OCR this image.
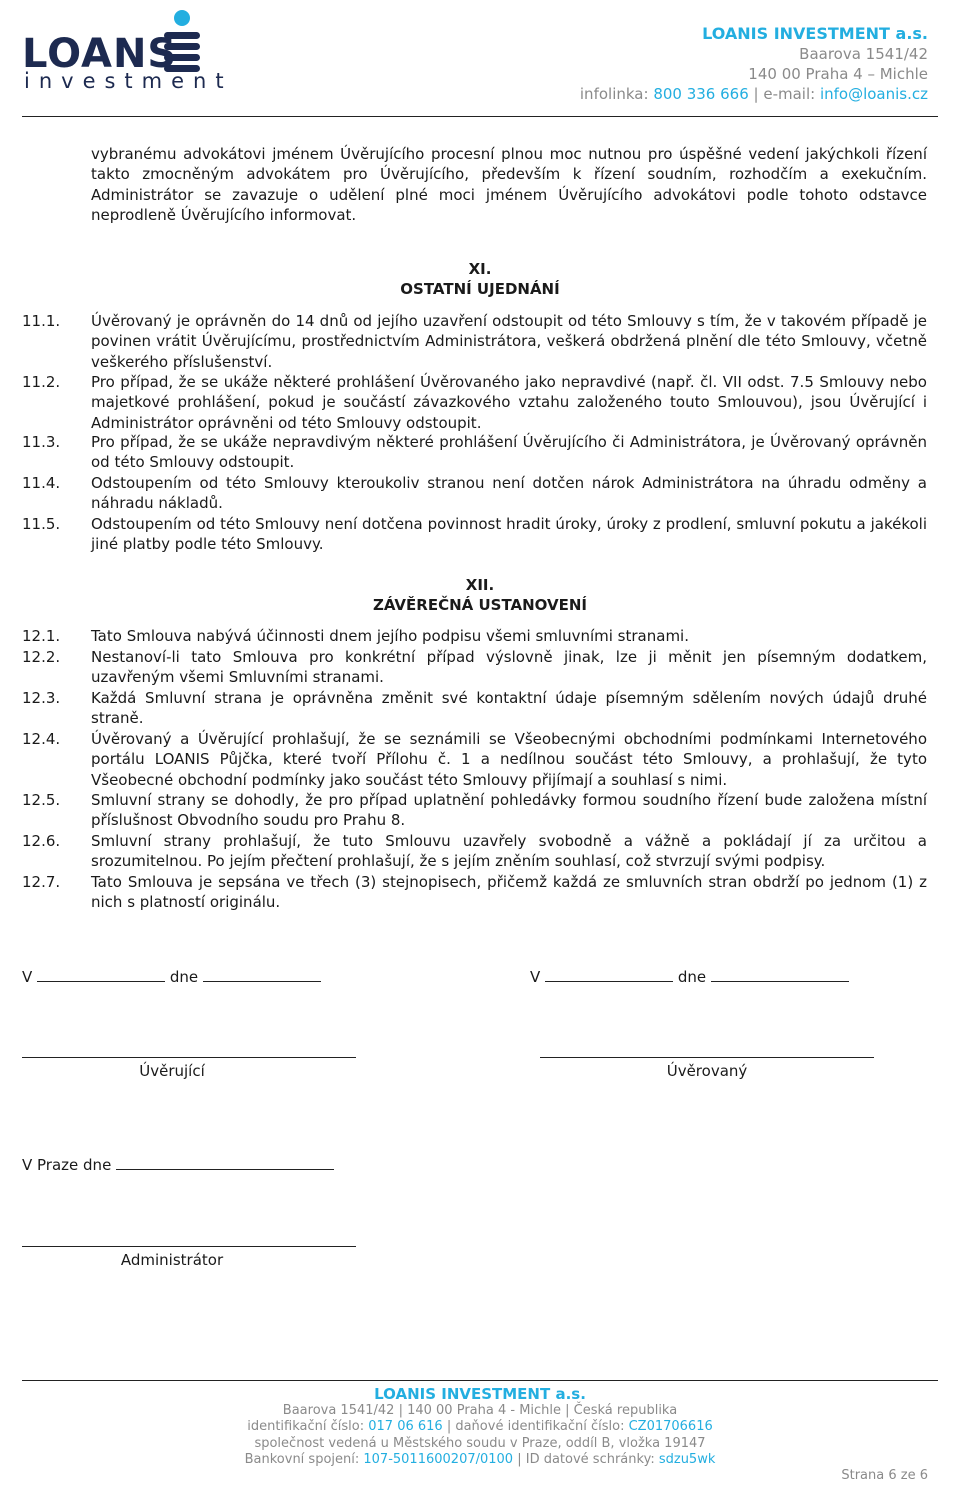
LOANS
investment
LOANIS INVESTMENT a.s.
Baarova 1541/42
140 00 Praha 4 – Michle
infolinka: 800 336 666 | e-mail: info@loanis.cz
vybranému advokátovi jménem Úvěrujícího procesní plnou moc nutnou pro úspěšné vedení jakýchkoli řízení takto zmocněným advokátem pro Úvěrujícího, především k řízení soudním, rozhodčím a exekučním. Administrátor se zavazuje o udělení plné moci jménem Úvěrujícího advokátovi podle tohoto odstavce neprodleně Úvěrujícího informovat.
XI.
OSTATNÍ UJEDNÁNÍ
11.1. Úvěrovaný je oprávněn do 14 dnů od jejího uzavření odstoupit od této Smlouvy s tím, že v takovém případě je povinen vrátit Úvěrujícímu, prostřednictvím Administrátora, veškerá obdržená plnění dle této Smlouvy, včetně veškerého příslušenství.
11.2. Pro případ, že se ukáže některé prohlášení Úvěrovaného jako nepravdivé (např. čl. VII odst. 7.5 Smlouvy nebo majetkové prohlášení, pokud je součástí závazkového vztahu založeného touto Smlouvou), jsou Úvěrující i Administrátor oprávněni od této Smlouvy odstoupit.
11.3. Pro případ, že se ukáže nepravdivým některé prohlášení Úvěrujícího či Administrátora, je Úvěrovaný oprávněn od této Smlouvy odstoupit.
11.4. Odstoupením od této Smlouvy kteroukoliv stranou není dotčen nárok Administrátora na úhradu odměny a náhradu nákladů.
11.5. Odstoupením od této Smlouvy není dotčena povinnost hradit úroky, úroky z prodlení, smluvní pokutu a jakékoli jiné platby podle této Smlouvy.
XII.
ZÁVĚREČNÁ USTANOVENÍ
12.1. Tato Smlouva nabývá účinnosti dnem jejího podpisu všemi smluvními stranami.
12.2. Nestanoví-li tato Smlouva pro konkrétní případ výslovně jinak, lze ji měnit jen písemným dodatkem, uzavřeným všemi Smluvními stranami.
12.3. Každá Smluvní strana je oprávněna změnit své kontaktní údaje písemným sdělením nových údajů druhé straně.
12.4. Úvěrovaný a Úvěrující prohlašují, že se seznámili se Všeobecnými obchodními podmínkami Internetového portálu LOANIS Půjčka, které tvoří Přílohu č. 1 a nedílnou součást této Smlouvy, a prohlašují, že tyto Všeobecné obchodní podmínky jako součást této Smlouvy přijímají a souhlasí s nimi.
12.5. Smluvní strany se dohodly, že pro případ uplatnění pohledávky formou soudního řízení bude založena místní příslušnost Obvodního soudu pro Prahu 8.
12.6. Smluvní strany prohlašují, že tuto Smlouvu uzavřely svobodně a vážně a pokládají jí za určitou a srozumitelnou. Po jejím přečtení prohlašují, že s jejím zněním souhlasí, což stvrzují svými podpisy.
12.7. Tato Smlouva je sepsána ve třech (3) stejnopisech, přičemž každá ze smluvních stran obdrží po jednom (1) z nich s platností originálu.
V	dne	V	dne
Úvěrující	Úvěrovaný
V Praze dne
Administrátor
LOANIS INVESTMENT a.s.
Baarova 1541/42 | 140 00 Praha 4 - Michle | Česká republika
identifikační číslo: 017 06 616 | daňové identifikační číslo: CZ01706616
společnost vedená u Městského soudu v Praze, oddíl B, vložka 19147
Bankovní spojení: 107-5011600207/0100 | ID datové schránky: sdzu5wk
Strana 6 ze 6
